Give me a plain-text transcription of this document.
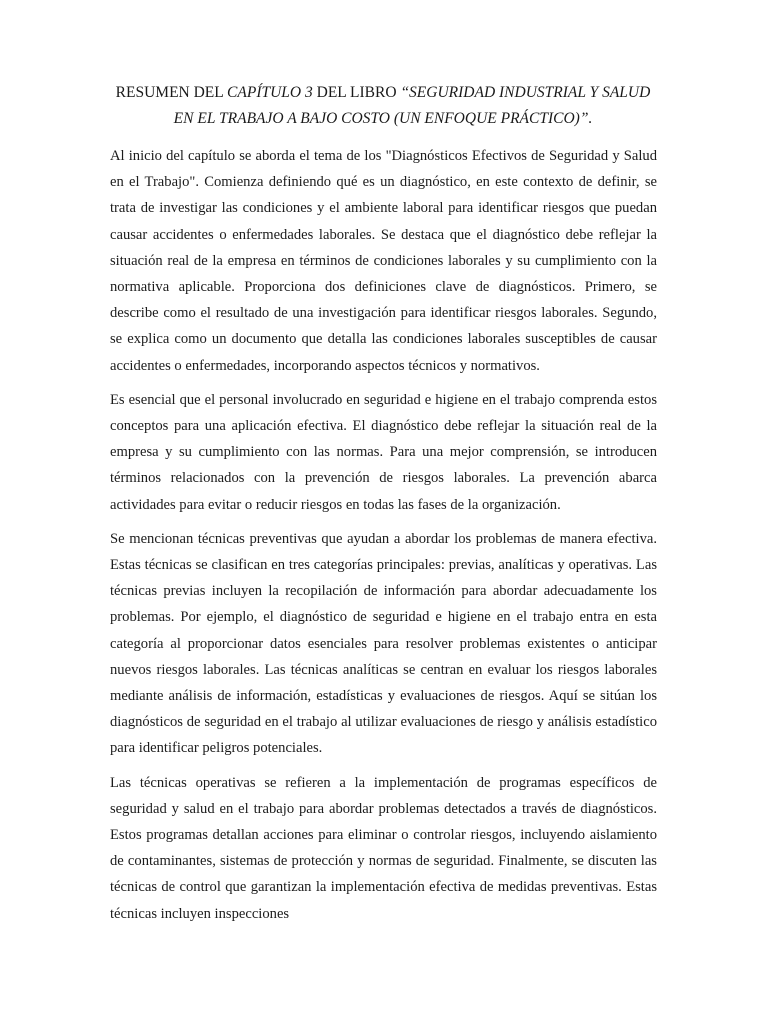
RESUMEN DEL CAPÍTULO 3 DEL LIBRO “SEGURIDAD INDUSTRIAL Y SALUD
EN EL TRABAJO A BAJO COSTO (UN ENFOQUE PRÁCTICO)”.

Al inicio del capítulo se aborda el tema de los "Diagnósticos Efectivos de Seguridad y Salud en el Trabajo". Comienza definiendo qué es un diagnóstico, en este contexto de definir, se trata de investigar las condiciones y el ambiente laboral para identificar riesgos que puedan causar accidentes o enfermedades laborales. Se destaca que el diagnóstico debe reflejar la situación real de la empresa en términos de condiciones laborales y su cumplimiento con la normativa aplicable. Proporciona dos definiciones clave de diagnósticos. Primero, se describe como el resultado de una investigación para identificar riesgos laborales. Segundo, se explica como un documento que detalla las condiciones laborales susceptibles de causar accidentes o enfermedades, incorporando aspectos técnicos y normativos.

Es esencial que el personal involucrado en seguridad e higiene en el trabajo comprenda estos conceptos para una aplicación efectiva. El diagnóstico debe reflejar la situación real de la empresa y su cumplimiento con las normas. Para una mejor comprensión, se introducen términos relacionados con la prevención de riesgos laborales. La prevención abarca actividades para evitar o reducir riesgos en todas las fases de la organización.

Se mencionan técnicas preventivas que ayudan a abordar los problemas de manera efectiva. Estas técnicas se clasifican en tres categorías principales: previas, analíticas y operativas. Las técnicas previas incluyen la recopilación de información para abordar adecuadamente los problemas. Por ejemplo, el diagnóstico de seguridad e higiene en el trabajo entra en esta categoría al proporcionar datos esenciales para resolver problemas existentes o anticipar nuevos riesgos laborales. Las técnicas analíticas se centran en evaluar los riesgos laborales mediante análisis de información, estadísticas y evaluaciones de riesgos. Aquí se sitúan los diagnósticos de seguridad en el trabajo al utilizar evaluaciones de riesgo y análisis estadístico para identificar peligros potenciales.

Las técnicas operativas se refieren a la implementación de programas específicos de seguridad y salud en el trabajo para abordar problemas detectados a través de diagnósticos. Estos programas detallan acciones para eliminar o controlar riesgos, incluyendo aislamiento de contaminantes, sistemas de protección y normas de seguridad. Finalmente, se discuten las técnicas de control que garantizan la implementación efectiva de medidas preventivas. Estas técnicas incluyen inspecciones
